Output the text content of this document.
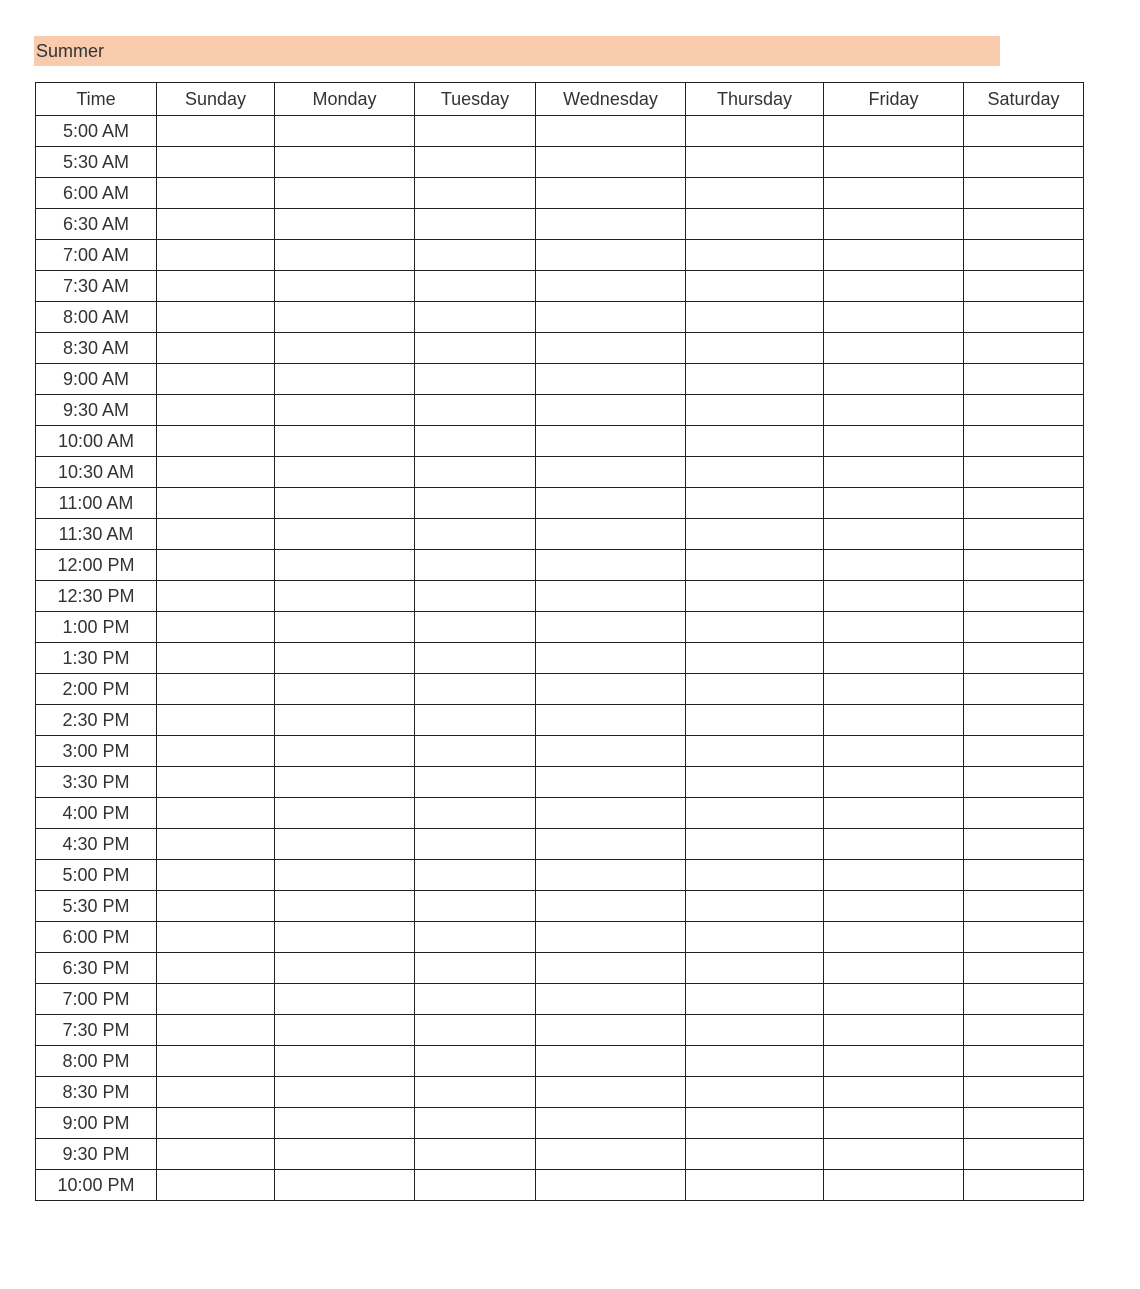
Summer
Time	Sunday	Monday	Tuesday	Wednesday	Thursday	Friday	Saturday
5:00 AM							
5:30 AM							
6:00 AM							
6:30 AM							
7:00 AM							
7:30 AM							
8:00 AM							
8:30 AM							
9:00 AM							
9:30 AM							
10:00 AM							
10:30 AM							
11:00 AM							
11:30 AM							
12:00 PM							
12:30 PM							
1:00 PM							
1:30 PM							
2:00 PM							
2:30 PM							
3:00 PM							
3:30 PM							
4:00 PM							
4:30 PM							
5:00 PM							
5:30 PM							
6:00 PM							
6:30 PM							
7:00 PM							
7:30 PM							
8:00 PM							
8:30 PM							
9:00 PM							
9:30 PM							
10:00 PM							
